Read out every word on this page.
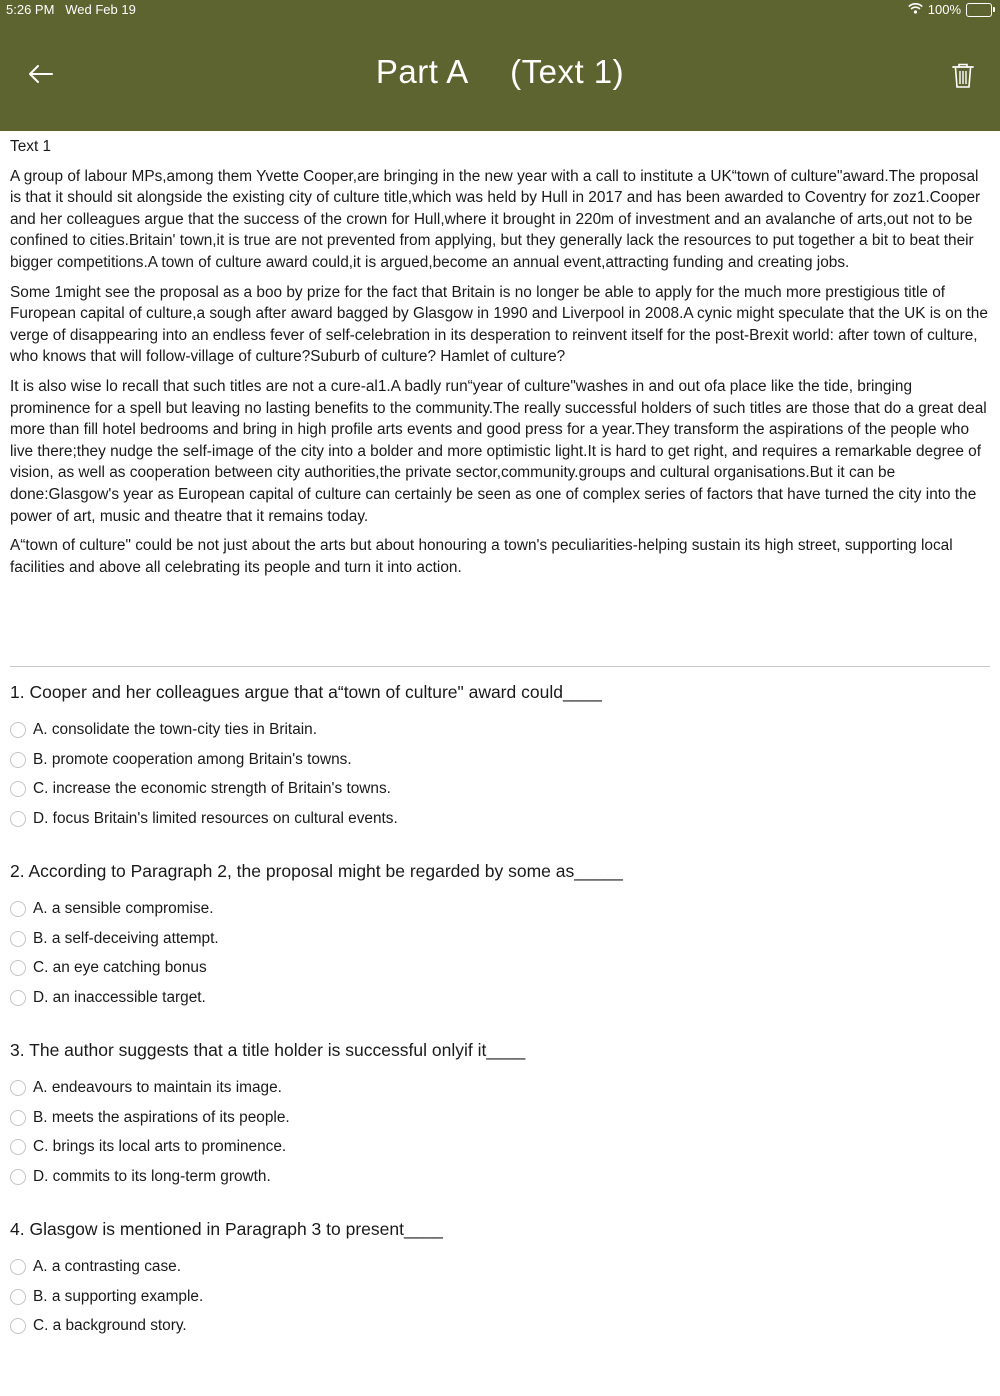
5:26 PM   Wed Feb 19	100%
Part A 　(Text 1)
Text 1

A group of labour MPs,among them Yvette Cooper,are bringing in the new year with a call to institute a UK“town of culture"award.The proposal is that it should sit alongside the existing city of culture title,which was held by Hull in 2017 and has been awarded to Coventry for zoz1.Cooper and her colleagues argue that the success of the crown for Hull,where it brought in 220m of investment and an avalanche of arts,out not to be confined to cities.Britain' town,it is true are not prevented from applying, but they generally lack the resources to put together a bit to beat their bigger competitions.A town of culture award could,it is argued,become an annual event,attracting funding and creating jobs.

Some 1might see the proposal as a boo by prize for the fact that Britain is no longer be able to apply for the much more prestigious title of Furopean capital of culture,a sough after award bagged by Glasgow in 1990 and Liverpool in 2008.A cynic might speculate that the UK is on the verge of disappearing into an endless fever of self-celebration in its desperation to reinvent itself for the post-Brexit world: after town of culture, who knows that will follow-village of culture?Suburb of culture? Hamlet of culture?

It is also wise lo recall that such titles are not a cure-al1.A badly run“year of culture"washes in and out ofa place like the tide, bringing prominence for a spell but leaving no lasting benefits to the community.The really successful holders of such titles are those that do a great deal more than fill hotel bedrooms and bring in high profile arts events and good press for a year.They transform the aspirations of the people who live there;they nudge the self-image of the city into a bolder and more optimistic light.It is hard to get right, and requires a remarkable degree of vision, as well as cooperation between city authorities,the private sector,community.groups and cultural organisations.But it can be done:Glasgow's year as European capital of culture can certainly be seen as one of complex series of factors that have turned the city into the power of art, music and theatre that it remains today.

A“town of culture" could be not just about the arts but about honouring a town's peculiarities-helping sustain its high street, supporting local facilities and above all celebrating its people and turn it into action.

1. Cooper and her colleagues argue that a“town of culture" award could____
A. consolidate the town-city ties in Britain.
B. promote cooperation among Britain's towns.
C. increase the economic strength of Britain's towns.
D. focus Britain's limited resources on cultural events.
2. According to Paragraph 2, the proposal might be regarded by some as_____
A. a sensible compromise.
B. a self-deceiving attempt.
C. an eye catching bonus
D. an inaccessible target.
3. The author suggests that a title holder is successful onlyif it____
A. endeavours to maintain its image.
B. meets the aspirations of its people.
C. brings its local arts to prominence.
D. commits to its long-term growth.
4. Glasgow is mentioned in Paragraph 3 to present____
A. a contrasting case.
B. a supporting example.
C. a background story.
